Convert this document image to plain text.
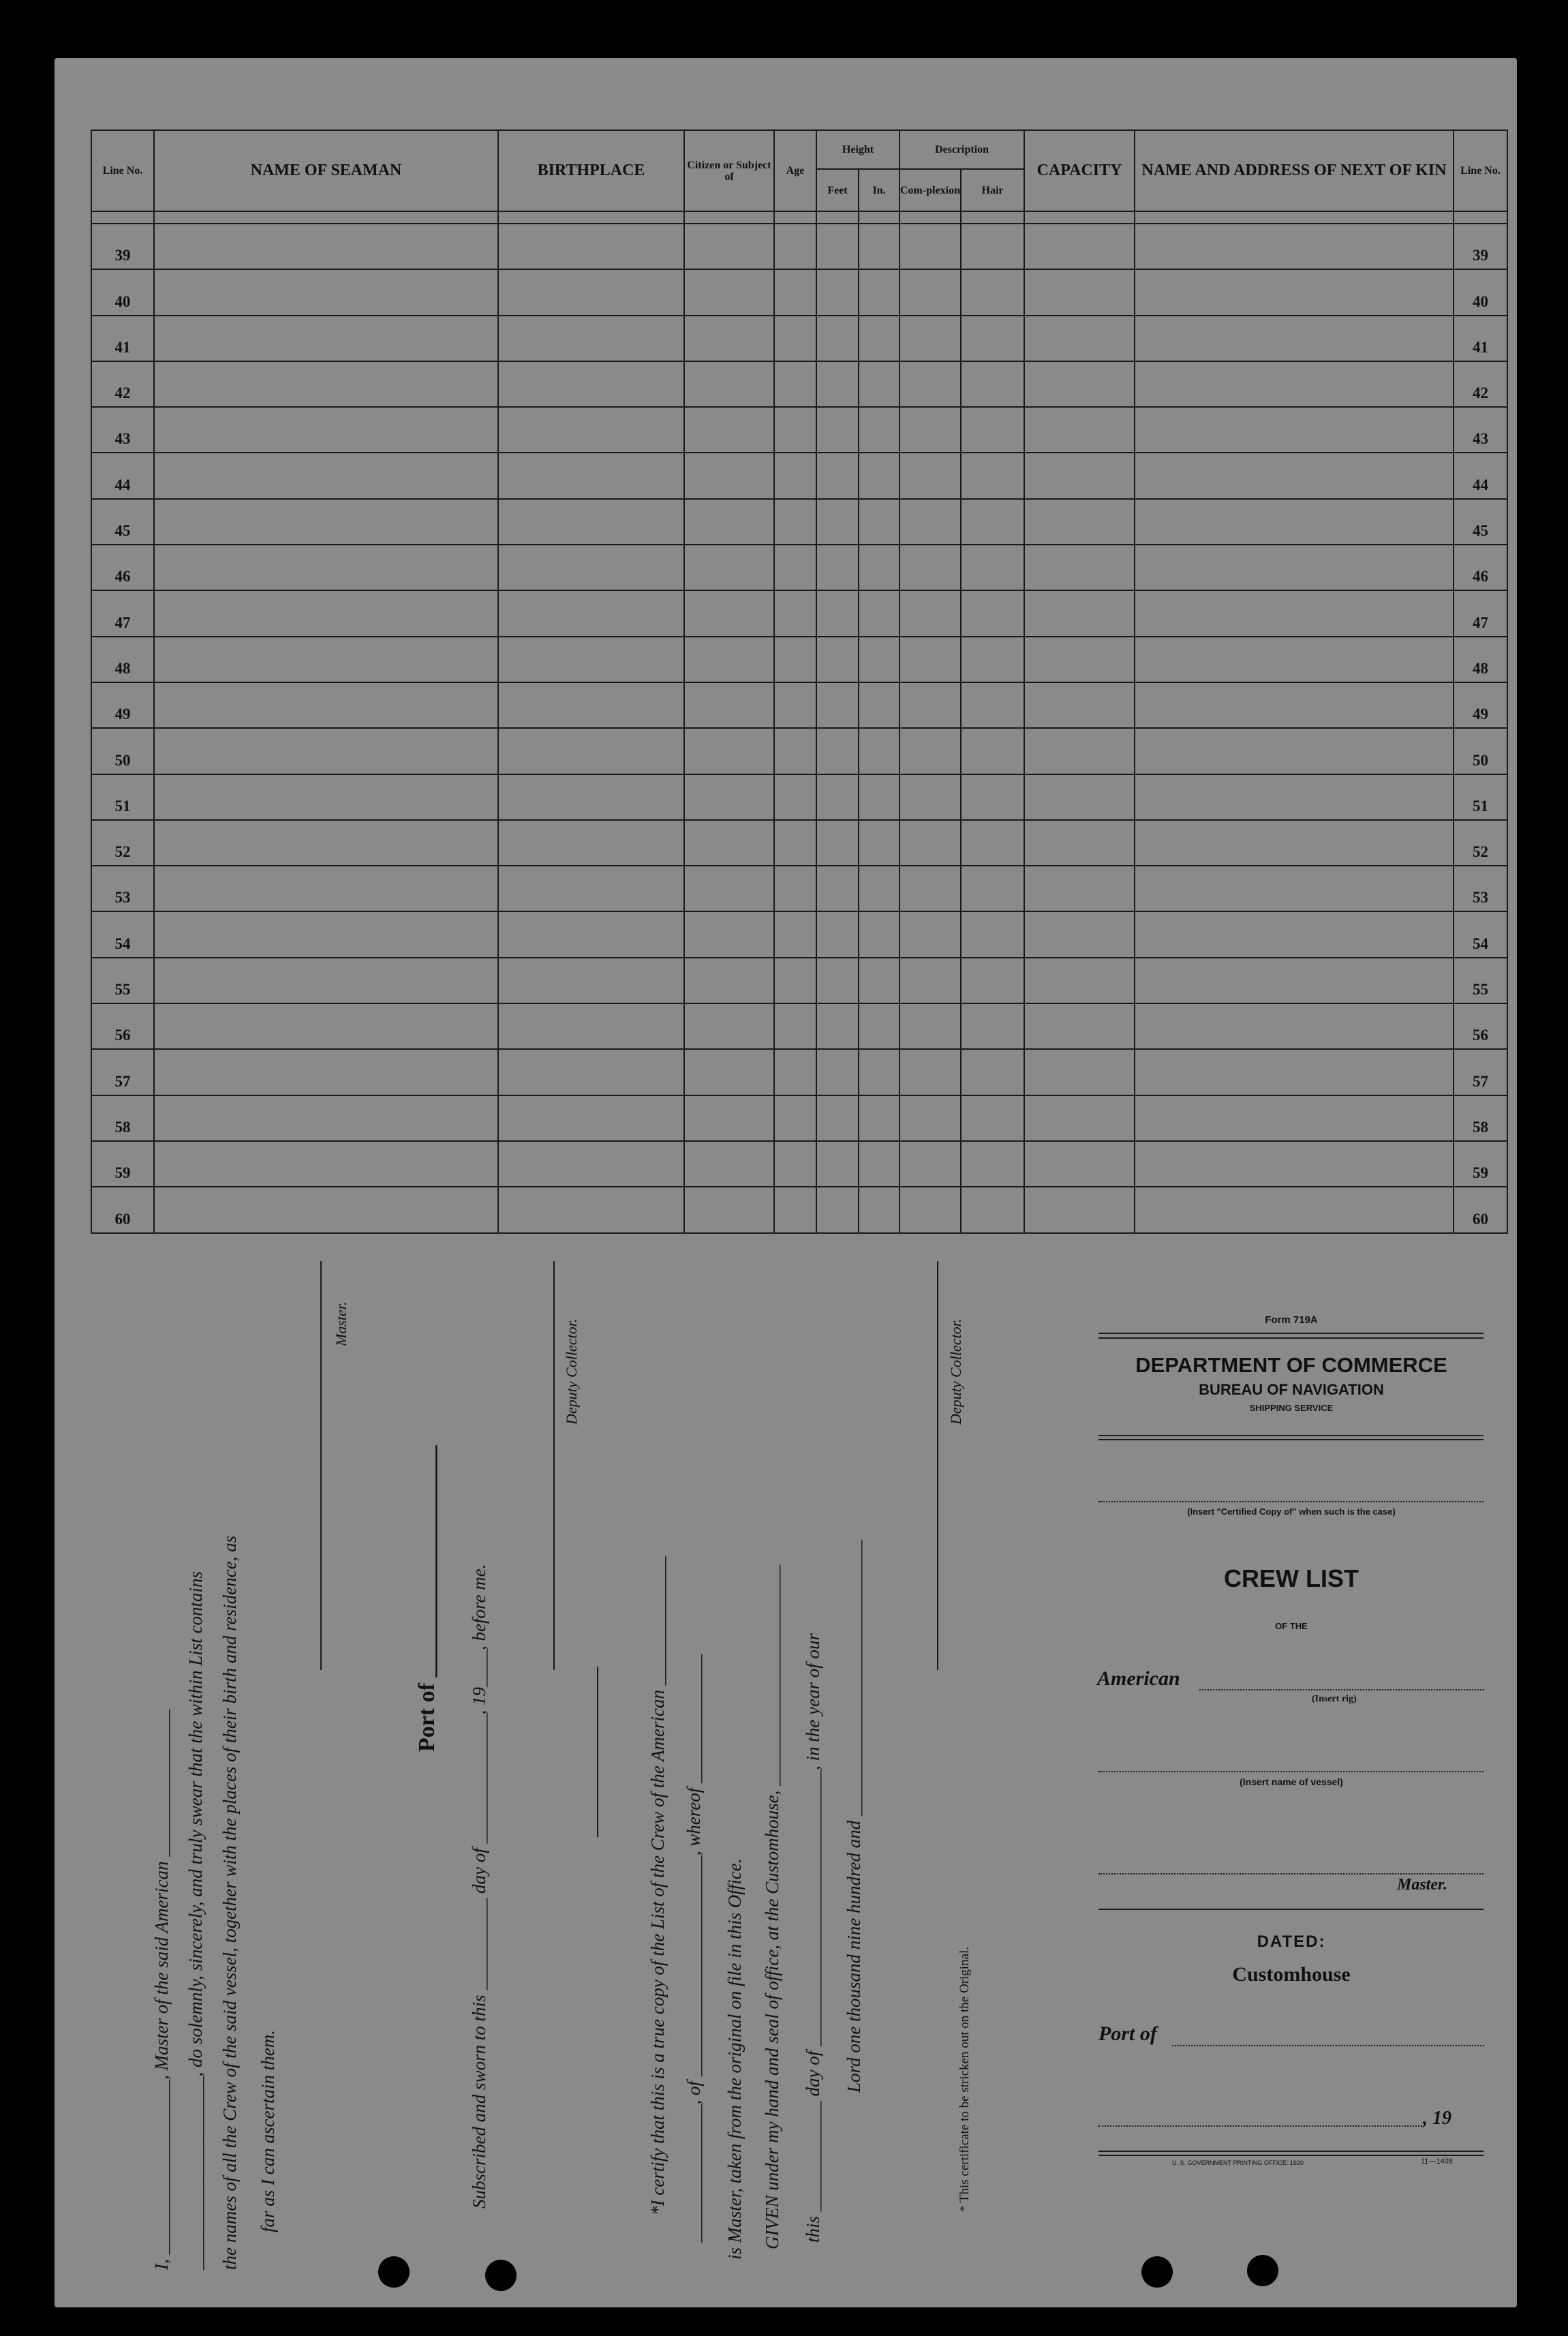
Line No.	NAME OF SEAMAN	BIRTHPLACE	Citizen or Subject of	Age	Height		Description		CAPACITY	NAME AND ADDRESS OF NEXT OF KIN	Line No.
					Feet	In.	Com-plexion	Hair			

39											39
40											40
41											41
42											42
43											43
44											44
45											45
46											46
47											47
48											48
49											49
50											50
51											51
52											52
53											53
54											54
55											55
56											56
57											57
58											58
59											59
60											60
I, ___________________, Master of the said American ________________ _____________________, do solemnly, sincerely, and truly swear that the within List contains the names of all the Crew of the said vessel, together with the places of their birth and residence, as far as I can ascertain them.
Master.
Port of ____________________ Subscribed and sworn to this __________ day of ______________, 19____, before me.
Deputy Collector.
*I certify that this is a true copy of the List of the Crew of the American ______________ _______________, of ________________________, whereof ______________ is Master, taken from the original on file in this Office. GIVEN under my hand and seal of office, at the Customhouse, ________________________ this ____________ day of ______________________________, in the year of our Lord one thousand nine hundred and ______________________________
Deputy Collector.
* This certificate to be stricken out on the Original.
Form 719A
DEPARTMENT OF COMMERCE
BUREAU OF NAVIGATION
SHIPPING SERVICE
(Insert "Certified Copy of" when such is the case)
CREW LIST
OF THE
American
(Insert rig)
(Insert name of vessel)
Master.
DATED:
Customhouse
Port of
, 19
U. S. GOVERNMENT PRINTING OFFICE: 1920	11—1408
